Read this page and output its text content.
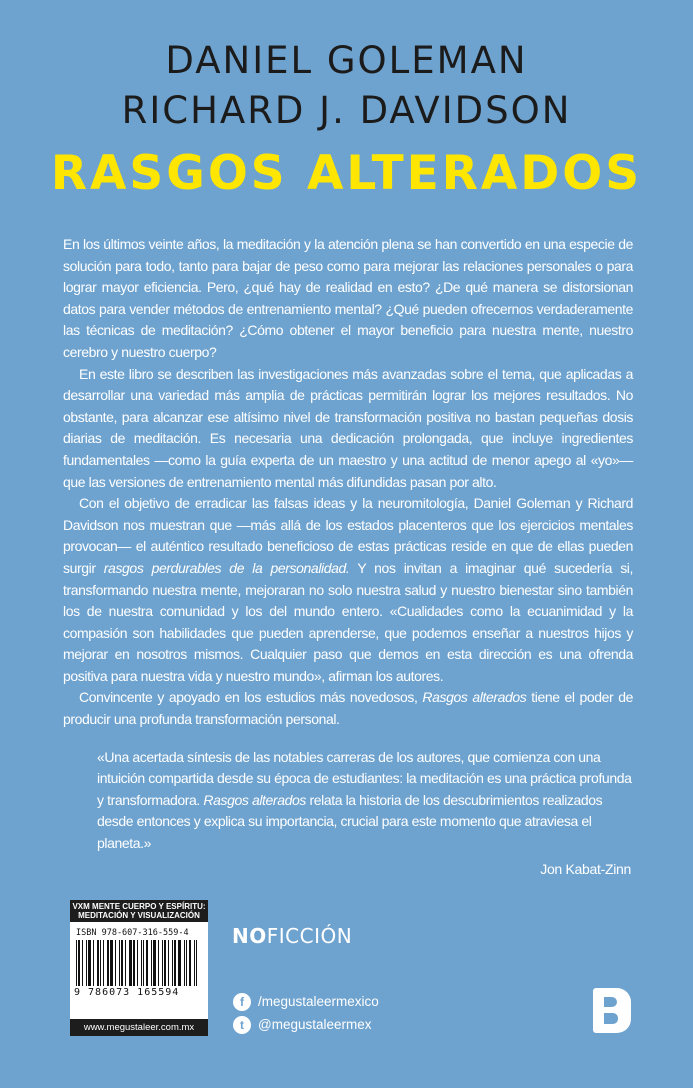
DANIEL GOLEMAN
RICHARD J. DAVIDSON
RASGOS ALTERADOS

En los últimos veinte años, la meditación y la atención plena se han convertido en una especie de solución para todo, tanto para bajar de peso como para mejorar las relaciones personales o para lograr mayor eficiencia. Pero, ¿qué hay de realidad en esto? ¿De qué manera se distorsionan datos para vender métodos de entrenamiento mental? ¿Qué pueden ofrecernos verdaderamente las técnicas de meditación? ¿Cómo obtener el mayor beneficio para nuestra mente, nuestro cerebro y nuestro cuerpo?

En este libro se describen las investigaciones más avanzadas sobre el tema, que aplicadas a desarrollar una variedad más amplia de prácticas permitirán lograr los mejores resultados. No obstante, para alcanzar ese altísimo nivel de transformación positiva no bastan pequeñas dosis diarias de meditación. Es necesaria una dedicación prolongada, que incluye ingredientes fundamentales —como la guía experta de un maestro y una actitud de menor apego al «yo»— que las versiones de entrenamiento mental más difundidas pasan por alto.

Con el objetivo de erradicar las falsas ideas y la neuromitología, Daniel Goleman y Richard Davidson nos muestran que —más allá de los estados placenteros que los ejercicios mentales provocan— el auténtico resultado beneficioso de estas prácticas reside en que de ellas pueden surgir rasgos perdurables de la personalidad. Y nos invitan a imaginar qué sucedería si, transformando nuestra mente, mejoraran no solo nuestra salud y nuestro bienestar sino también los de nuestra comunidad y los del mundo entero. «Cualidades como la ecuanimidad y la compasión son habilidades que pueden aprenderse, que podemos enseñar a nuestros hijos y mejorar en nosotros mismos. Cualquier paso que demos en esta dirección es una ofrenda positiva para nuestra vida y nuestro mundo», afirman los autores.

Convincente y apoyado en los estudios más novedosos, Rasgos alterados tiene el poder de producir una profunda transformación personal.

«Una acertada síntesis de las notables carreras de los autores, que comienza con una intuición compartida desde su época de estudiantes: la meditación es una práctica profunda y transformadora. Rasgos alterados relata la historia de los descubrimientos realizados desde entonces y explica su importancia, crucial para este momento que atraviesa el planeta.»

Jon Kabat-Zinn
VXM MENTE CUERPO Y ESPÍRITU:
MEDITACIÓN Y VISUALIZACIÓN
ISBN 978-607-316-559-4
9 786073 165594
www.megustaleer.com.mx
NOFICCIÓN
f	/megustaleermexico
t	@megustaleermex
